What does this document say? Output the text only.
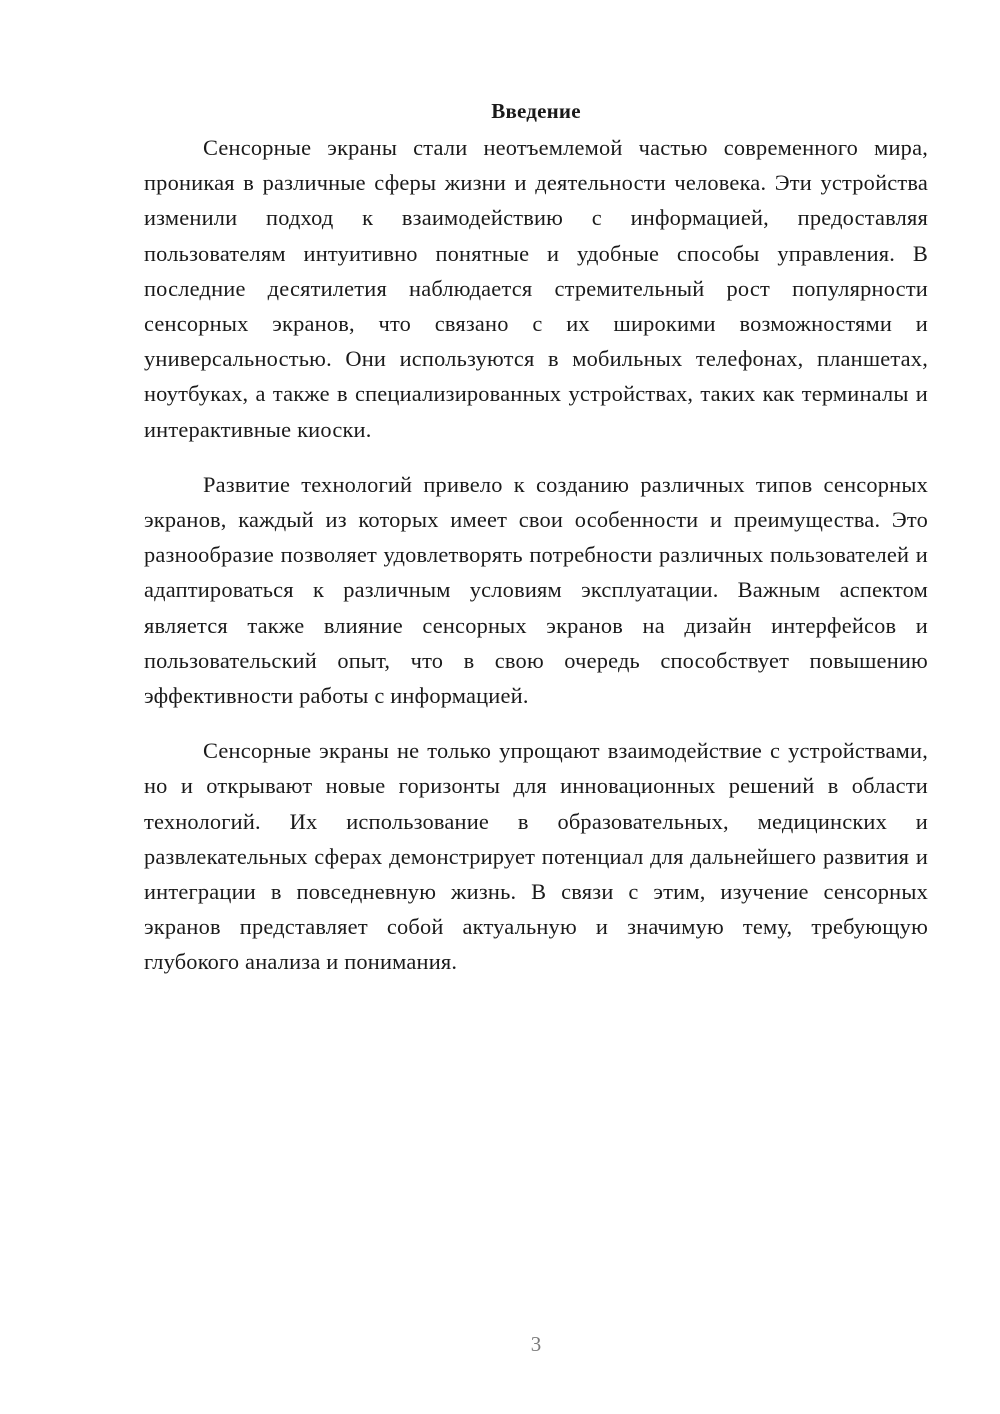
Введение

Сенсорные экраны стали неотъемлемой частью современного мира, проникая в различные сферы жизни и деятельности человека. Эти устройства изменили подход к взаимодействию с информацией, предоставляя пользователям интуитивно понятные и удобные способы управления. В последние десятилетия наблюдается стремительный рост популярности сенсорных экранов, что связано с их широкими возможностями и универсальностью. Они используются в мобильных телефонах, планшетах, ноутбуках, а также в специализированных устройствах, таких как терминалы и интерактивные киоски.

Развитие технологий привело к созданию различных типов сенсорных экранов, каждый из которых имеет свои особенности и преимущества. Это разнообразие позволяет удовлетворять потребности различных пользователей и адаптироваться к различным условиям эксплуатации. Важным аспектом является также влияние сенсорных экранов на дизайн интерфейсов и пользовательский опыт, что в свою очередь способствует повышению эффективности работы с информацией.

Сенсорные экраны не только упрощают взаимодействие с устройствами, но и открывают новые горизонты для инновационных решений в области технологий. Их использование в образовательных, медицинских и развлекательных сферах демонстрирует потенциал для дальнейшего развития и интеграции в повседневную жизнь. В связи с этим, изучение сенсорных экранов представляет собой актуальную и значимую тему, требующую глубокого анализа и понимания.

3
